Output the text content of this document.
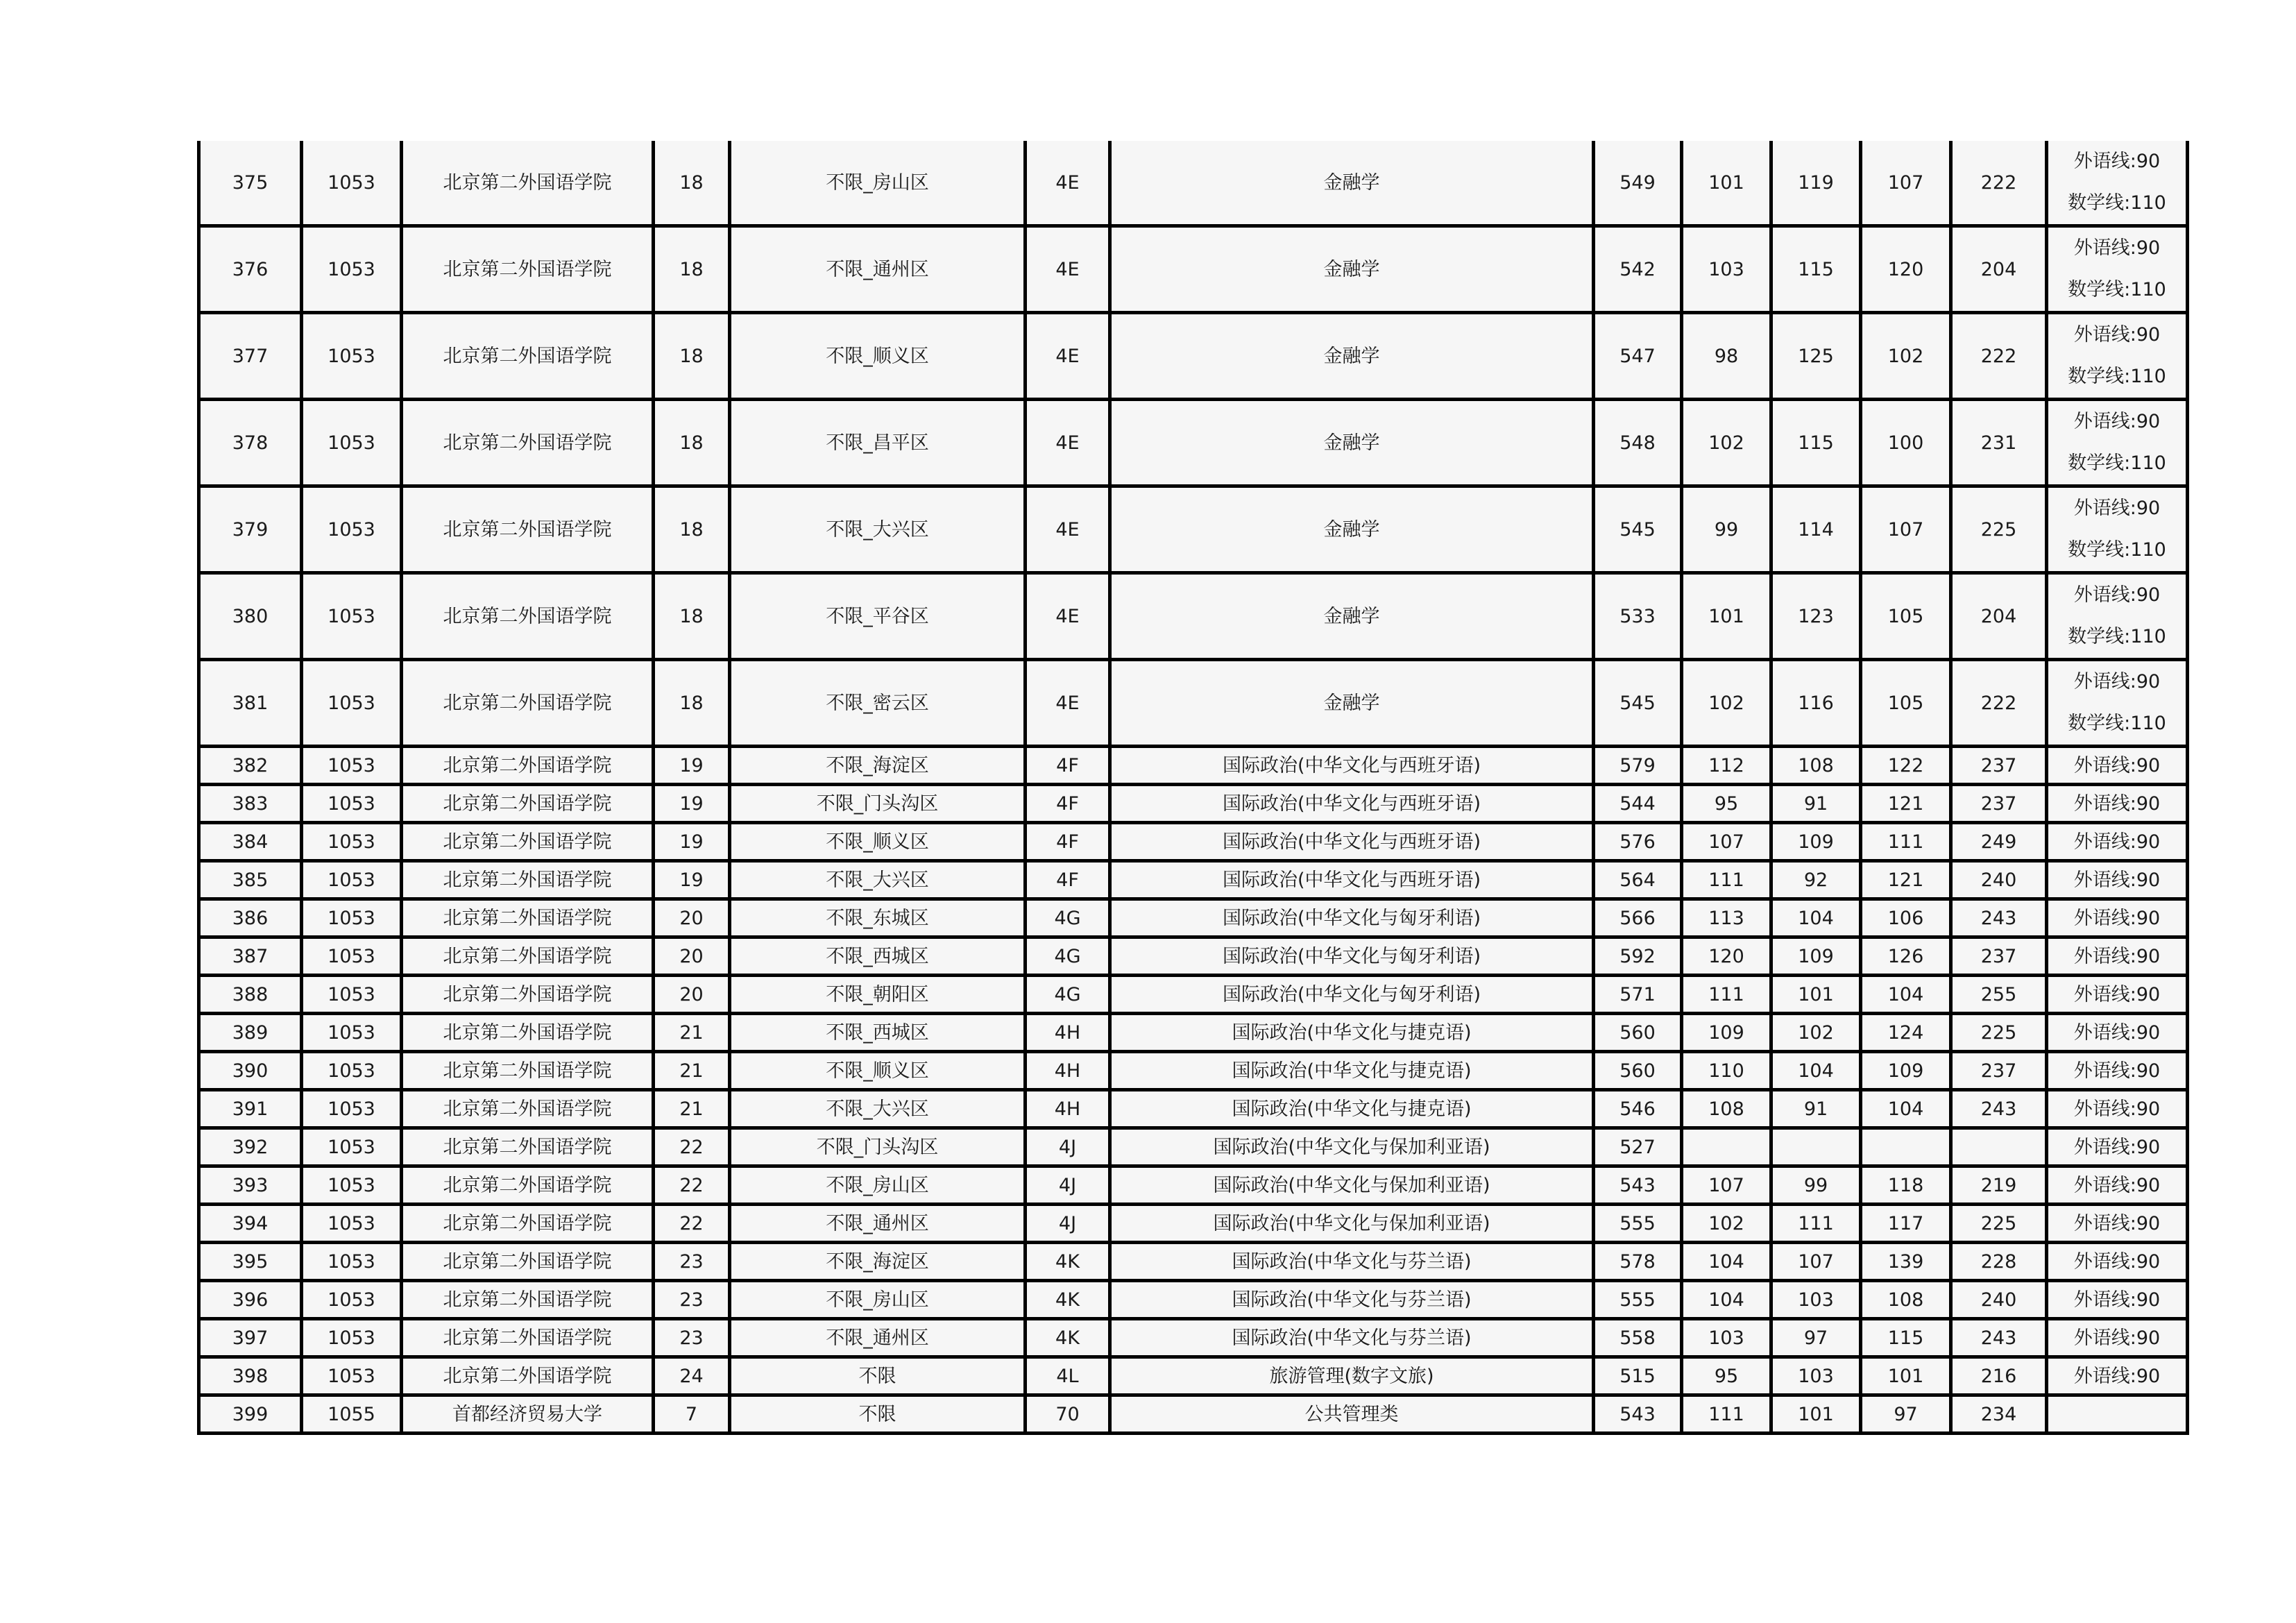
375	1053	北京第二外国语学院	18	不限_房山区	4E	金融学	549	101	119	107	222	外语线:90
数学线:110

376	1053	北京第二外国语学院	18	不限_通州区	4E	金融学	542	103	115	120	204	外语线:90
数学线:110

377	1053	北京第二外国语学院	18	不限_顺义区	4E	金融学	547	98	125	102	222	外语线:90
数学线:110

378	1053	北京第二外国语学院	18	不限_昌平区	4E	金融学	548	102	115	100	231	外语线:90
数学线:110

379	1053	北京第二外国语学院	18	不限_大兴区	4E	金融学	545	99	114	107	225	外语线:90
数学线:110

380	1053	北京第二外国语学院	18	不限_平谷区	4E	金融学	533	101	123	105	204	外语线:90
数学线:110

381	1053	北京第二外国语学院	18	不限_密云区	4E	金融学	545	102	116	105	222	外语线:90
数学线:110

382	1053	北京第二外国语学院	19	不限_海淀区	4F	国际政治(中华文化与西班牙语)	579	112	108	122	237	外语线:90

383	1053	北京第二外国语学院	19	不限_门头沟区	4F	国际政治(中华文化与西班牙语)	544	95	91	121	237	外语线:90

384	1053	北京第二外国语学院	19	不限_顺义区	4F	国际政治(中华文化与西班牙语)	576	107	109	111	249	外语线:90

385	1053	北京第二外国语学院	19	不限_大兴区	4F	国际政治(中华文化与西班牙语)	564	111	92	121	240	外语线:90

386	1053	北京第二外国语学院	20	不限_东城区	4G	国际政治(中华文化与匈牙利语)	566	113	104	106	243	外语线:90

387	1053	北京第二外国语学院	20	不限_西城区	4G	国际政治(中华文化与匈牙利语)	592	120	109	126	237	外语线:90

388	1053	北京第二外国语学院	20	不限_朝阳区	4G	国际政治(中华文化与匈牙利语)	571	111	101	104	255	外语线:90

389	1053	北京第二外国语学院	21	不限_西城区	4H	国际政治(中华文化与捷克语)	560	109	102	124	225	外语线:90

390	1053	北京第二外国语学院	21	不限_顺义区	4H	国际政治(中华文化与捷克语)	560	110	104	109	237	外语线:90

391	1053	北京第二外国语学院	21	不限_大兴区	4H	国际政治(中华文化与捷克语)	546	108	91	104	243	外语线:90

392	1053	北京第二外国语学院	22	不限_门头沟区	4J	国际政治(中华文化与保加利亚语)	527					外语线:90

393	1053	北京第二外国语学院	22	不限_房山区	4J	国际政治(中华文化与保加利亚语)	543	107	99	118	219	外语线:90

394	1053	北京第二外国语学院	22	不限_通州区	4J	国际政治(中华文化与保加利亚语)	555	102	111	117	225	外语线:90

395	1053	北京第二外国语学院	23	不限_海淀区	4K	国际政治(中华文化与芬兰语)	578	104	107	139	228	外语线:90

396	1053	北京第二外国语学院	23	不限_房山区	4K	国际政治(中华文化与芬兰语)	555	104	103	108	240	外语线:90

397	1053	北京第二外国语学院	23	不限_通州区	4K	国际政治(中华文化与芬兰语)	558	103	97	115	243	外语线:90

398	1053	北京第二外国语学院	24	不限	4L	旅游管理(数字文旅)	515	95	103	101	216	外语线:90

399	1055	首都经济贸易大学	7	不限	70	公共管理类	543	111	101	97	234	
